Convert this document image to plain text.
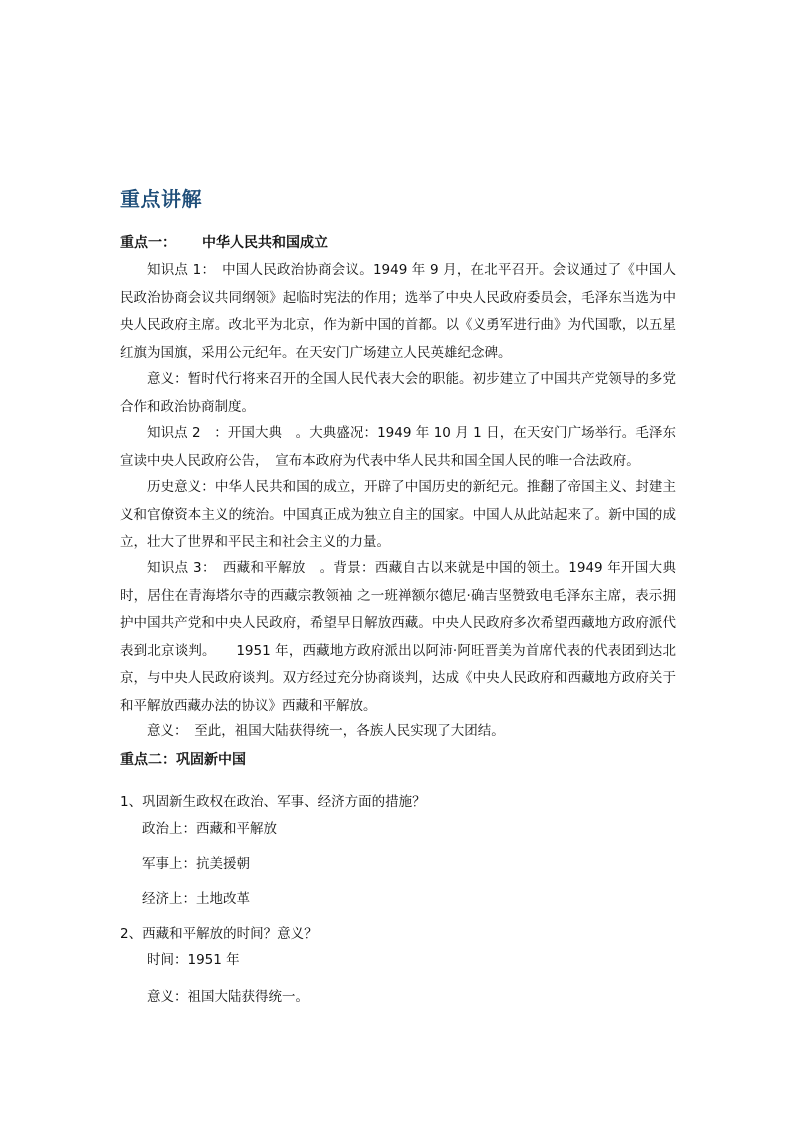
重点讲解
重点一： 中华人民共和国成立

知识点 1：　中国人民政治协商会议。1949 年 9 月，在北平召开。会议通过了《中国人民政治协商会议共同纲领》起临时宪法的作用；选举了中央人民政府委员会，毛泽东当选为中央人民政府主席。改北平为北京，作为新中国的首都。以《义勇军进行曲》为代国歌，以五星红旗为国旗，采用公元纪年。在天安门广场建立人民英雄纪念碑。

意义：暂时代行将来召开的全国人民代表大会的职能。初步建立了中国共产党领导的多党合作和政治协商制度。

知识点 2　：开国大典　。大典盛况：1949 年 10 月 1 日，在天安门广场举行。毛泽东宣读中央人民政府公告，　宣布本政府为代表中华人民共和国全国人民的唯一合法政府。

历史意义：中华人民共和国的成立，开辟了中国历史的新纪元。推翻了帝国主义、封建主义和官僚资本主义的统治。中国真正成为独立自主的国家。中国人从此站起来了。新中国的成立，壮大了世界和平民主和社会主义的力量。

知识点 3：　西藏和平解放　。背景：西藏自古以来就是中国的领土。1949 年开国大典时，居住在青海塔尔寺的西藏宗教领袖 之一班禅额尔德尼·确吉坚赞致电毛泽东主席，表示拥护中国共产党和中央人民政府，希望早日解放西藏。中央人民政府多次希望西藏地方政府派代表到北京谈判。　　1951 年，西藏地方政府派出以阿沛·阿旺晋美为首席代表的代表团到达北京，与中央人民政府谈判。双方经过充分协商谈判，达成《中央人民政府和西藏地方政府关于和平解放西藏办法的协议》西藏和平解放。

意义：　至此，祖国大陆获得统一，各族人民实现了大团结。

重点二：巩固新中国
1、巩固新生政权在政治、军事、经济方面的措施？
政治上：西藏和平解放
军事上：抗美援朝
经济上：土地改革
2、西藏和平解放的时间？意义？
时间：1951 年
意义：祖国大陆获得统一。
